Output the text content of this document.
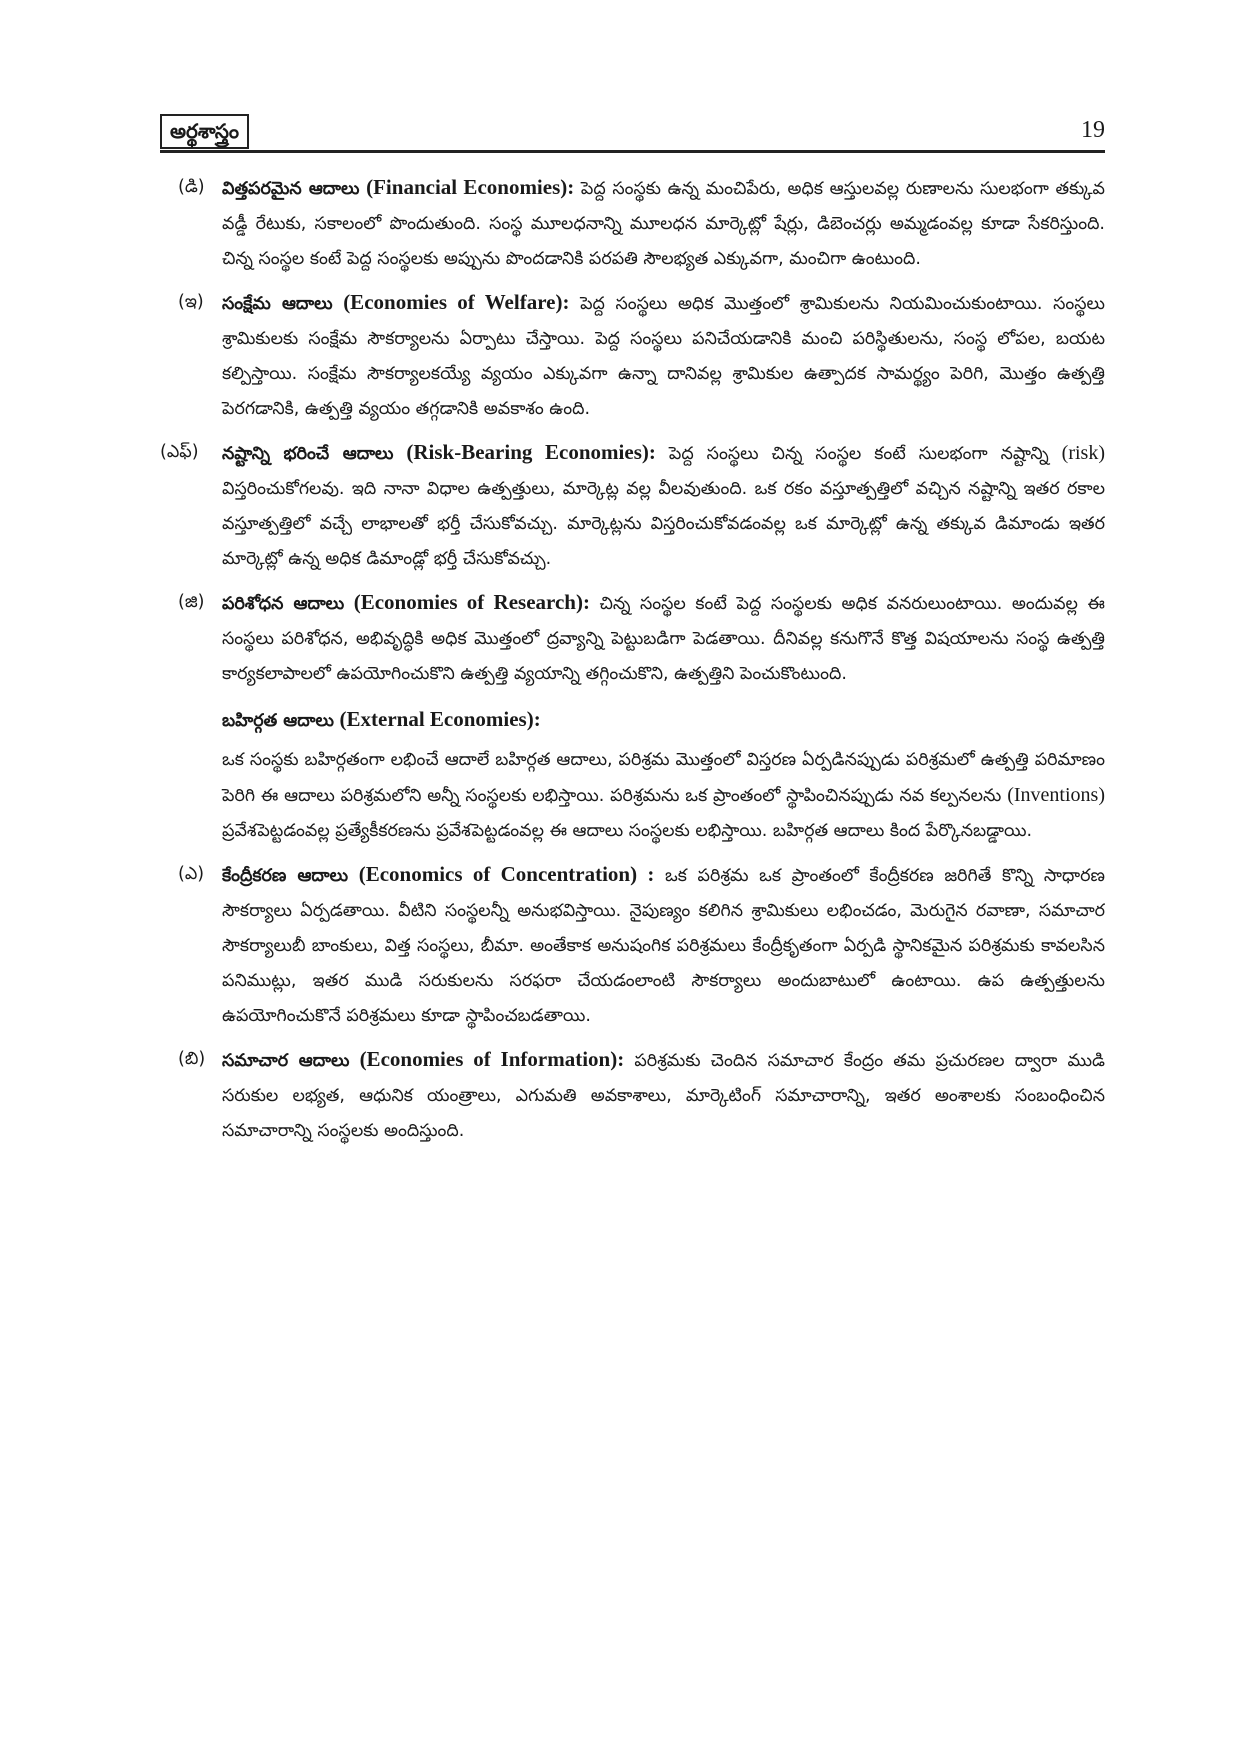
అర్థశాస్త్రం	19
(డి) విత్తపరమైన ఆదాలు (Financial Economies): పెద్ద సంస్థకు ఉన్న మంచిపేరు, అధిక ఆస్తులవల్ల రుణాలను సులభంగా తక్కువ వడ్డీ రేటుకు, సకాలంలో పొందుతుంది. సంస్థ మూలధనాన్ని మూలధన మార్కెట్లో షేర్లు, డిబెంచర్లు అమ్మడంవల్ల కూడా సేకరిస్తుంది. చిన్న సంస్థల కంటే పెద్ద సంస్థలకు అప్పును పొందడానికి పరపతి సౌలభ్యత ఎక్కువగా, మంచిగా ఉంటుంది.

(ఇ) సంక్షేమ ఆదాలు (Economies of Welfare): పెద్ద సంస్థలు అధిక మొత్తంలో శ్రామికులను నియమించుకుంటాయి. సంస్థలు శ్రామికులకు సంక్షేమ సౌకర్యాలను ఏర్పాటు చేస్తాయి. పెద్ద సంస్థలు పనిచేయడానికి మంచి పరిస్థితులను, సంస్థ లోపల, బయట కల్పిస్తాయి. సంక్షేమ సౌకర్యాలకయ్యే వ్యయం ఎక్కువగా ఉన్నా దానివల్ల శ్రామికుల ఉత్పాదక సామర్థ్యం పెరిగి, మొత్తం ఉత్పత్తి పెరగడానికి, ఉత్పత్తి వ్యయం తగ్గడానికి అవకాశం ఉంది.

(ఎఫ్) నష్టాన్ని భరించే ఆదాలు (Risk-Bearing Economies): పెద్ద సంస్థలు చిన్న సంస్థల కంటే సులభంగా నష్టాన్ని (risk) విస్తరించుకోగలవు. ఇది నానా విధాల ఉత్పత్తులు, మార్కెట్ల వల్ల వీలవుతుంది. ఒక రకం వస్తూత్పత్తిలో వచ్చిన నష్టాన్ని ఇతర రకాల వస్తూత్పత్తిలో వచ్చే లాభాలతో భర్తీ చేసుకోవచ్చు. మార్కెట్లను విస్తరించుకోవడంవల్ల ఒక మార్కెట్లో ఉన్న తక్కువ డిమాండు ఇతర మార్కెట్లో ఉన్న అధిక డిమాండ్లో భర్తీ చేసుకోవచ్చు.

(జి) పరిశోధన ఆదాలు (Economies of Research): చిన్న సంస్థల కంటే పెద్ద సంస్థలకు అధిక వనరులుంటాయి. అందువల్ల ఈ సంస్థలు పరిశోధన, అభివృద్ధికి అధిక మొత్తంలో ద్రవ్యాన్ని పెట్టుబడిగా పెడతాయి. దీనివల్ల కనుగొనే కొత్త విషయాలను సంస్థ ఉత్పత్తి కార్యకలాపాలలో ఉపయోగించుకొని ఉత్పత్తి వ్యయాన్ని తగ్గించుకొని, ఉత్పత్తిని పెంచుకొంటుంది.

బహిర్గత ఆదాలు (External Economies):

ఒక సంస్థకు బహిర్గతంగా లభించే ఆదాలే బహిర్గత ఆదాలు, పరిశ్రమ మొత్తంలో విస్తరణ ఏర్పడినప్పుడు పరిశ్రమలో ఉత్పత్తి పరిమాణం పెరిగి ఈ ఆదాలు పరిశ్రమలోని అన్నీ సంస్థలకు లభిస్తాయి. పరిశ్రమను ఒక ప్రాంతంలో స్థాపించినప్పుడు నవ కల్పనలను (Inventions) ప్రవేశపెట్టడంవల్ల ప్రత్యేకీకరణను ప్రవేశపెట్టడంవల్ల ఈ ఆదాలు సంస్థలకు లభిస్తాయి. బహిర్గత ఆదాలు కింద పేర్కొనబడ్డాయి.

(ఎ) కేంద్రీకరణ ఆదాలు (Economics of Concentration) : ఒక పరిశ్రమ ఒక ప్రాంతంలో కేంద్రీకరణ జరిగితే కొన్ని సాధారణ సౌకర్యాలు ఏర్పడతాయి. వీటిని సంస్థలన్నీ అనుభవిస్తాయి. నైపుణ్యం కలిగిన శ్రామికులు లభించడం, మెరుగైన రవాణా, సమాచార సౌకర్యాలుబీ బాంకులు, విత్త సంస్థలు, బీమా. అంతేకాక అనుషంగిక పరిశ్రమలు కేంద్రీకృతంగా ఏర్పడి స్థానికమైన పరిశ్రమకు కావలసిన పనిముట్లు, ఇతర ముడి సరుకులను సరఫరా చేయడంలాంటి సౌకర్యాలు అందుబాటులో ఉంటాయి. ఉప ఉత్పత్తులను ఉపయోగించుకొనే పరిశ్రమలు కూడా స్థాపించబడతాయి.

(బి) సమాచార ఆదాలు (Economies of Information): పరిశ్రమకు చెందిన సమాచార కేంద్రం తమ ప్రచురణల ద్వారా ముడి సరుకుల లభ్యత, ఆధునిక యంత్రాలు, ఎగుమతి అవకాశాలు, మార్కెటింగ్ సమాచారాన్ని, ఇతర అంశాలకు సంబంధించిన సమాచారాన్ని సంస్థలకు అందిస్తుంది.
